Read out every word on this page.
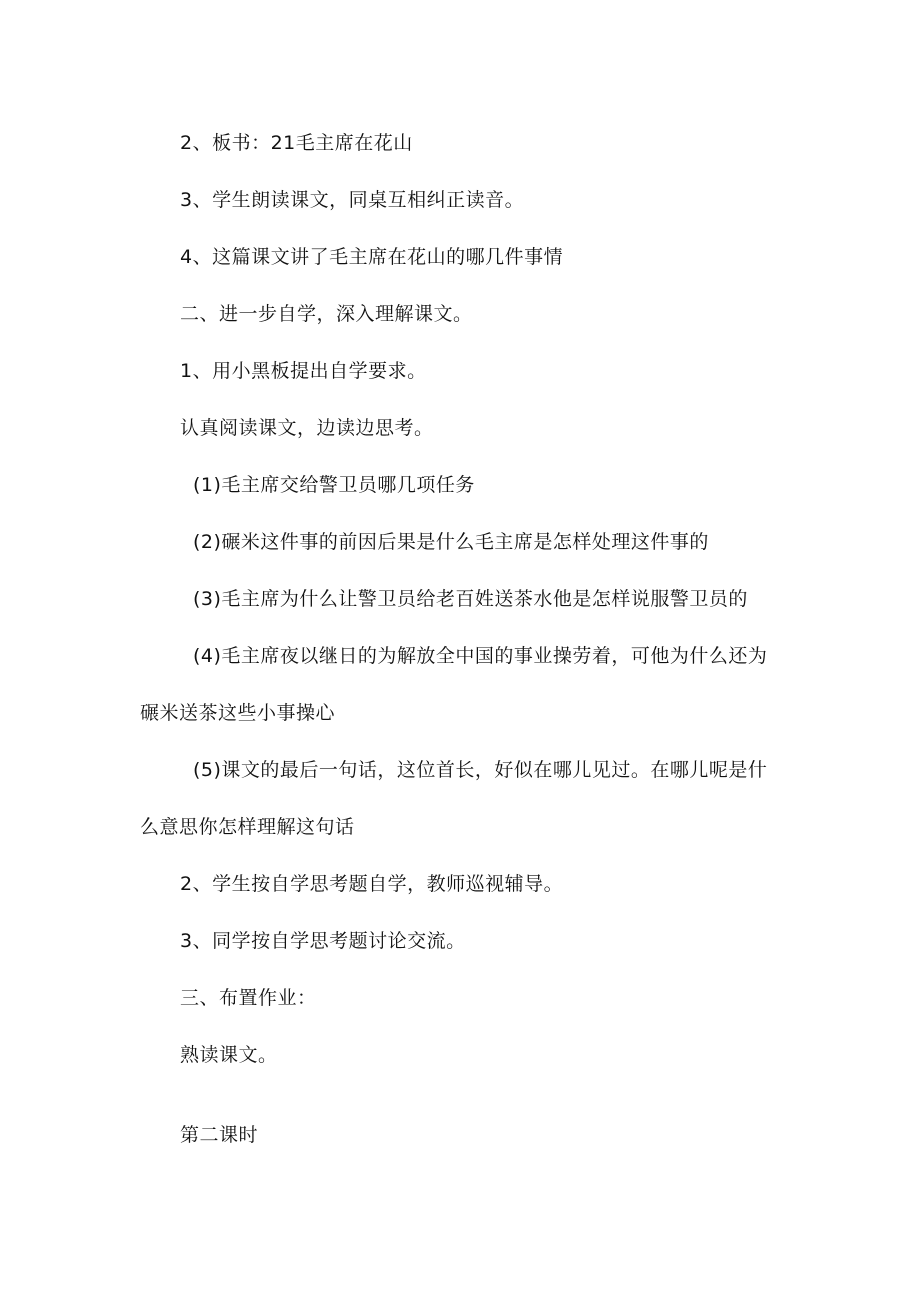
2、板书：21毛主席在花山
3、学生朗读课文，同桌互相纠正读音。
4、这篇课文讲了毛主席在花山的哪几件事情
二、进一步自学，深入理解课文。
1、用小黑板提出自学要求。
认真阅读课文，边读边思考。
(1)毛主席交给警卫员哪几项任务
(2)碾米这件事的前因后果是什么毛主席是怎样处理这件事的
(3)毛主席为什么让警卫员给老百姓送茶水他是怎样说服警卫员的
(4)毛主席夜以继日的为解放全中国的事业操劳着，可他为什么还为
碾米送茶这些小事操心
(5)课文的最后一句话，这位首长，好似在哪儿见过。在哪儿呢是什
么意思你怎样理解这句话
2、学生按自学思考题自学，教师巡视辅导。
3、同学按自学思考题讨论交流。
三、布置作业：
熟读课文。
第二课时
